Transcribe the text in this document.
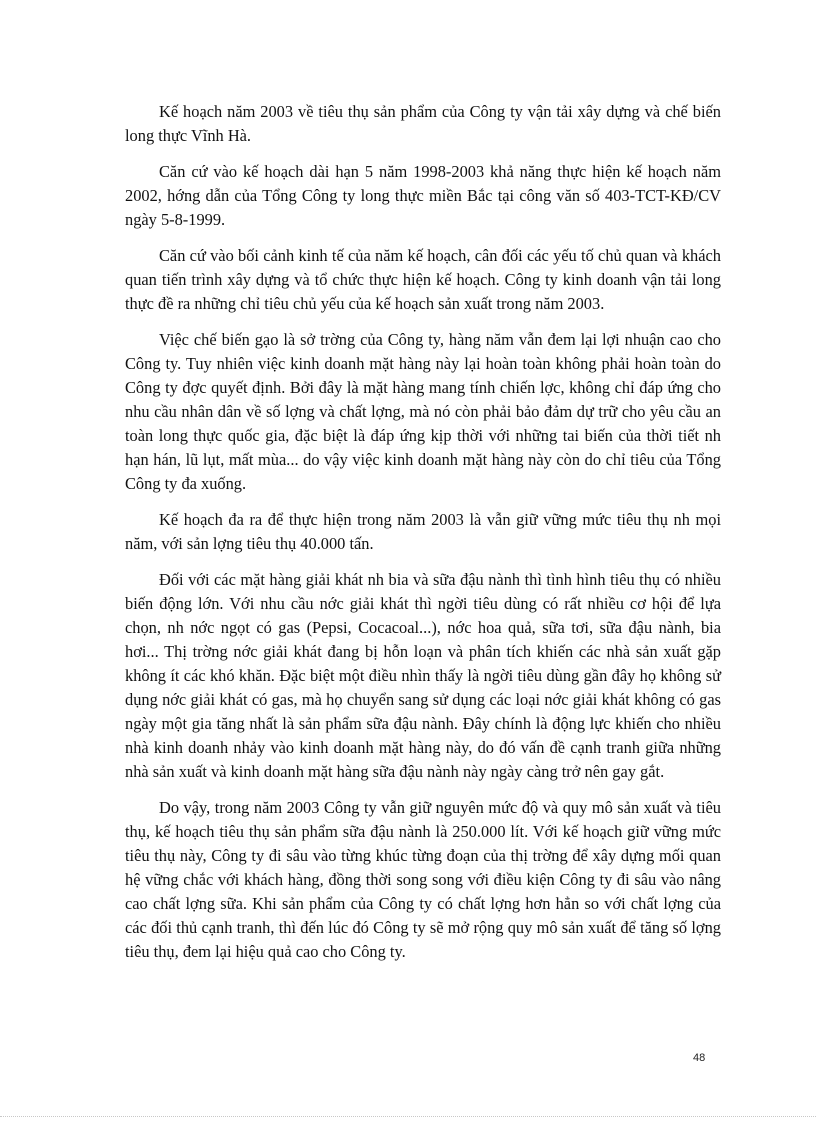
Kế hoạch năm 2003 về tiêu thụ sản phẩm của Công ty vận tải xây dựng và chế biến long thực Vĩnh Hà.

Căn cứ vào kế hoạch dài hạn 5 năm 1998-2003 khả năng thực hiện kế hoạch năm 2002, hớng dẫn của Tổng Công ty long thực miền Bắc tại công văn số 403-TCT-KĐ/CV ngày 5-8-1999.

Căn cứ vào bối cảnh kinh tế của năm kế hoạch, cân đối các yếu tố chủ quan và khách quan tiến trình xây dựng và tổ chức thực hiện kế hoạch. Công ty kinh doanh vận tải long thực đề ra những chỉ tiêu chủ yếu của kế hoạch sản xuất trong năm 2003.

Việc chế biến gạo là sở trờng của Công ty, hàng năm vẫn đem lại lợi nhuận cao cho Công ty. Tuy nhiên việc kinh doanh mặt hàng này lại hoàn toàn không phải hoàn toàn do Công ty đợc quyết định. Bởi đây là mặt hàng mang tính chiến lợc, không chỉ đáp ứng cho nhu cầu nhân dân về số lợng và chất lợng, mà nó còn phải bảo đảm dự trữ cho yêu cầu an toàn long thực quốc gia, đặc biệt là đáp ứng kịp thời với những tai biến của thời tiết nh hạn hán, lũ lụt, mất mùa... do vậy việc kinh doanh mặt hàng này còn do chỉ tiêu của Tổng Công ty đa xuống.

Kế hoạch đa ra để thực hiện trong năm 2003 là vẫn giữ vững mức tiêu thụ nh mọi năm, với sản lợng tiêu thụ 40.000 tấn.

Đối với các mặt hàng giải khát nh bia và sữa đậu nành thì tình hình tiêu thụ có nhiều biến động lớn. Với nhu cầu nớc giải khát thì ngời tiêu dùng có rất nhiều cơ hội để lựa chọn, nh nớc ngọt có gas (Pepsi, Cocacoal...), nớc hoa quả, sữa tơi, sữa đậu nành, bia hơi... Thị trờng nớc giải khát đang bị hỗn loạn và phân tích khiến các nhà sản xuất gặp không ít các khó khăn. Đặc biệt một điều nhìn thấy là ngời tiêu dùng gần đây họ không sử dụng nớc giải khát có gas, mà họ chuyển sang sử dụng các loại nớc giải khát không có gas ngày một gia tăng nhất là sản phẩm sữa đậu nành. Đây chính là động lực khiến cho nhiều nhà kinh doanh nhảy vào kinh doanh mặt hàng này, do đó vấn đề cạnh tranh giữa những nhà sản xuất và kinh doanh mặt hàng sữa đậu nành này ngày càng trở nên gay gắt.

Do vậy, trong năm 2003 Công ty vẫn giữ nguyên mức độ và quy mô sản xuất và tiêu thụ, kế hoạch tiêu thụ sản phẩm sữa đậu nành là 250.000 lít. Với kế hoạch giữ vững mức tiêu thụ này, Công ty đi sâu vào từng khúc từng đoạn của thị trờng để xây dựng mối quan hệ vững chắc với khách hàng, đồng thời song song với điều kiện Công ty đi sâu vào nâng cao chất lợng sữa. Khi sản phẩm của Công ty có chất lợng hơn hẳn so với chất lợng của các đối thủ cạnh tranh, thì đến lúc đó Công ty sẽ mở rộng quy mô sản xuất để tăng số lợng tiêu thụ, đem lại hiệu quả cao cho Công ty.

48
